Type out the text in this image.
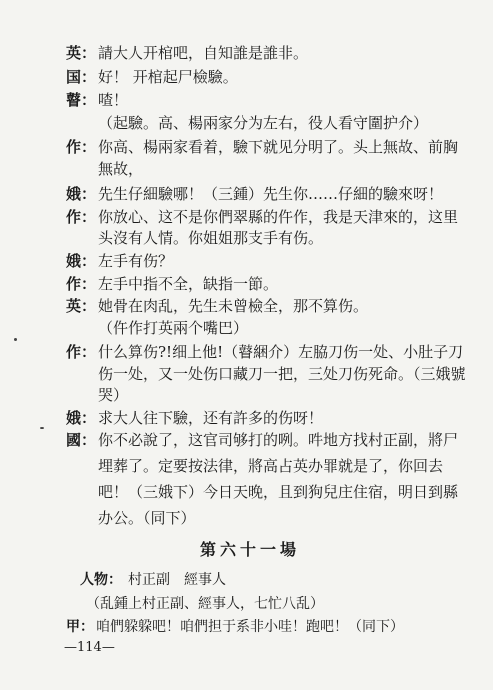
英： 請大人开棺吧，自知誰是誰非。
国： 好！ 开棺起尸檢驗。
瞽： 喳！
（起驗。高、楊兩家分为左右，役人看守圍护介）
作： 你高、楊兩家看着，驗下就见分明了。头上無故、前胸
無故，
娥： 先生仔細驗哪！（三鍾）先生你……仔細的驗來呀！
作： 你放心、这不是你們翠縣的仵作，我是天津來的，这里
头沒有人情。你姐姐那支手有伤。
娥： 左手有伤？
作： 左手中指不全，缺指一節。
英： 她骨在肉乱，先生未曾檢全，那不算伤。
（仵作打英兩个嘴巴）
作： 什么算伤?!细上他!（瞽綑介）左脇刀伤一处、小肚子刀
伤一处，又一处伤口藏刀一把，三处刀伤死命。（三娥號
哭）
娥： 求大人往下驗，还有許多的伤呀！
國： 你不必說了，这官司够打的咧。吽地方找村正副，將尸
埋葬了。定要按法律，將高占英办罪就是了，你回去
吧！（三娥下）今日天晚，且到狗兒庄住宿，明日到縣
办公。（同下）
第六十一場
人物： 村正副　經事人
（乱鍾上村正副、經事人，七忙八乱）
甲： 咱們躱躱吧！咱們担于系非小哇！跑吧！（同下）
—114—
